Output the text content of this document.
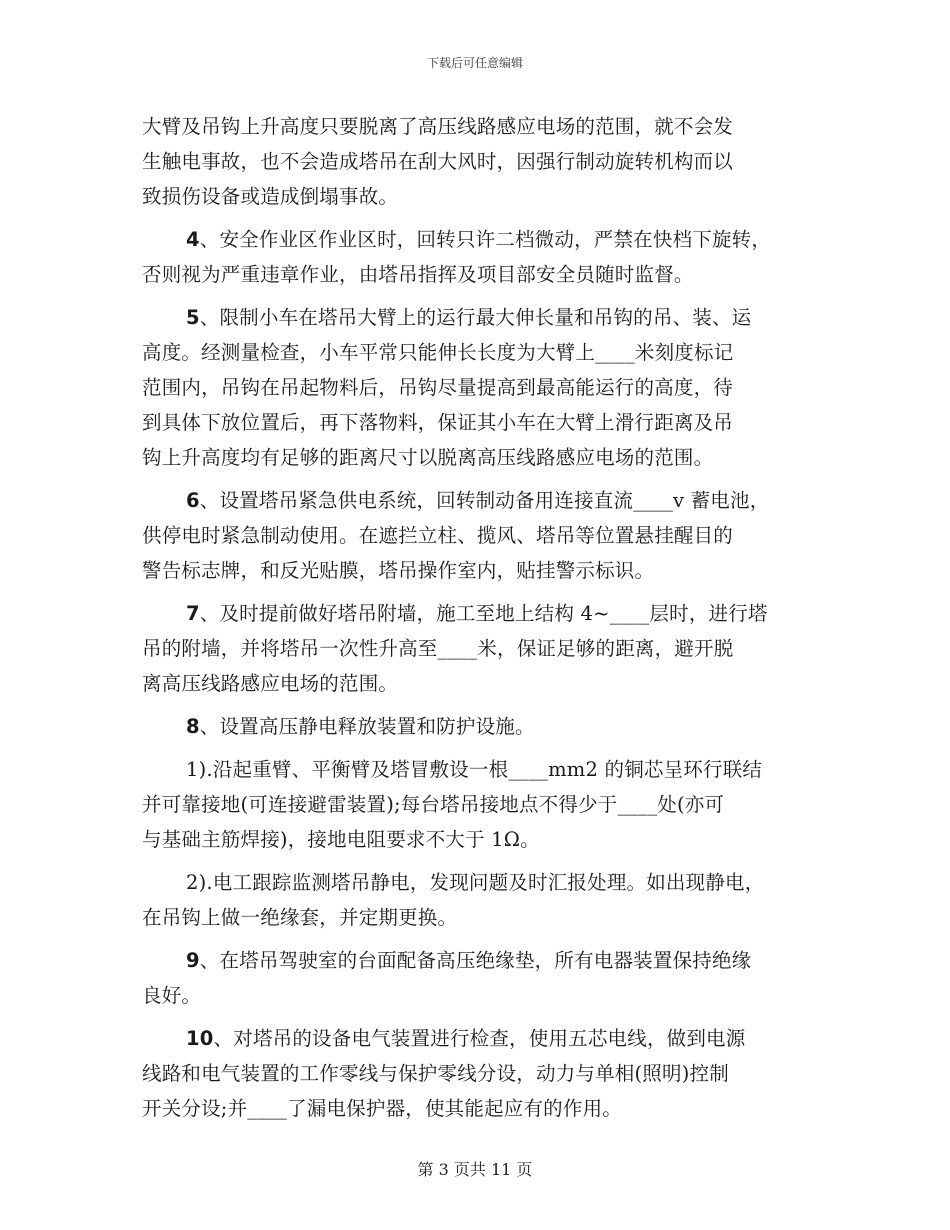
下载后可任意编辑
大臂及吊钩上升高度只要脱离了高压线路感应电场的范围，就不会发
生触电事故，也不会造成塔吊在刮大风时，因强行制动旋转机构而以
致损伤设备或造成倒塌事故。
4、安全作业区作业区时，回转只许二档微动，严禁在快档下旋转，
否则视为严重违章作业，由塔吊指挥及项目部安全员随时监督。
5、限制小车在塔吊大臂上的运行最大伸长量和吊钩的吊、装、运
高度。经测量检查，小车平常只能伸长长度为大臂上____米刻度标记
范围内，吊钩在吊起物料后，吊钩尽量提高到最高能运行的高度，待
到具体下放位置后，再下落物料，保证其小车在大臂上滑行距离及吊
钩上升高度均有足够的距离尺寸以脱离高压线路感应电场的范围。
6、设置塔吊紧急供电系统，回转制动备用连接直流____v 蓄电池，
供停电时紧急制动使用。在遮拦立柱、揽风、塔吊等位置悬挂醒目的
警告标志牌，和反光贴膜，塔吊操作室内，贴挂警示标识。
7、及时提前做好塔吊附墙，施工至地上结构 4~____层时，进行塔
吊的附墙，并将塔吊一次性升高至____米，保证足够的距离，避开脱
离高压线路感应电场的范围。
8、设置高压静电释放装置和防护设施。
1).沿起重臂、平衡臂及塔冒敷设一根____mm2 的铜芯呈环行联结
并可靠接地(可连接避雷装置);每台塔吊接地点不得少于____处(亦可
与基础主筋焊接)，接地电阻要求不大于 1Ω。
2).电工跟踪监测塔吊静电，发现问题及时汇报处理。如出现静电，
在吊钩上做一绝缘套，并定期更换。
9、在塔吊驾驶室的台面配备高压绝缘垫，所有电器装置保持绝缘
良好。
10、对塔吊的设备电气装置进行检查，使用五芯电线，做到电源
线路和电气装置的工作零线与保护零线分设，动力与单相(照明)控制
开关分设;并____了漏电保护器，使其能起应有的作用。
第 3 页共 11 页
